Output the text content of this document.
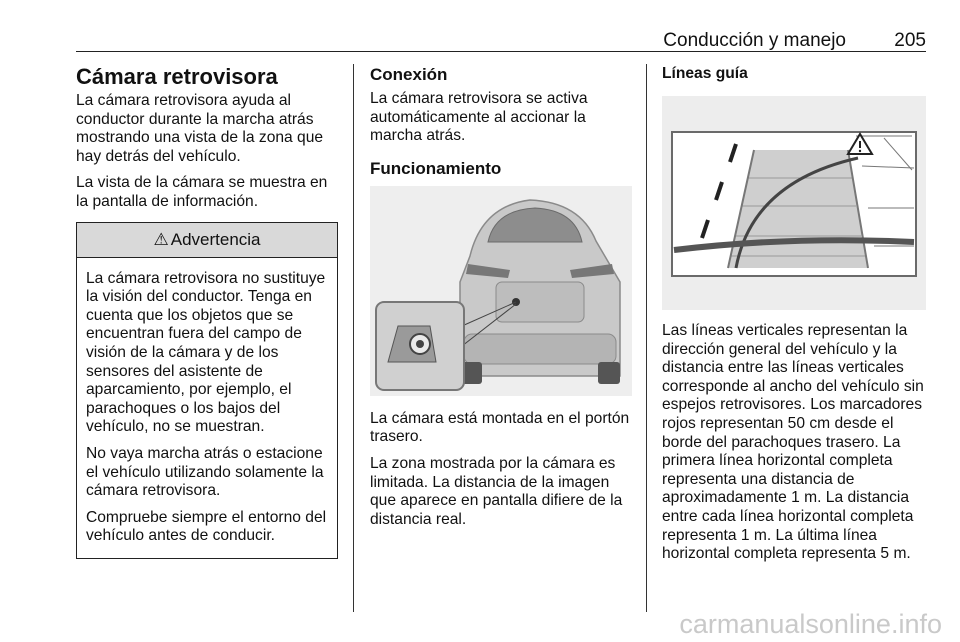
Conducción y manejo	205
Cámara retrovisora

La cámara retrovisora ayuda al conductor durante la marcha atrás mostrando una vista de la zona que hay detrás del vehículo.

La vista de la cámara se muestra en la pantalla de información.

⚠ Advertencia

La cámara retrovisora no sustituye la visión del conductor. Tenga en cuenta que los objetos que se encuentran fuera del campo de visión de la cámara y de los sensores del asistente de aparcamiento, por ejemplo, el parachoques o los bajos del vehículo, no se muestran.

No vaya marcha atrás o estacione el vehículo utilizando solamente la cámara retrovisora.

Compruebe siempre el entorno del vehículo antes de conducir.

Conexión

La cámara retrovisora se activa automáticamente al accionar la marcha atrás.

Funcionamiento

La cámara está montada en el portón trasero.

La zona mostrada por la cámara es limitada. La distancia de la imagen que aparece en pantalla difiere de la distancia real.

Líneas guía

Las líneas verticales representan la dirección general del vehículo y la distancia entre las líneas verticales corresponde al ancho del vehículo sin espejos retrovisores. Los marcadores rojos representan 50 cm desde el borde del parachoques trasero. La primera línea horizontal completa representa una distancia de aproximadamente 1 m. La distancia entre cada línea horizontal completa representa 1 m. La última línea horizontal completa representa 5 m.

carmanualsonline.info
